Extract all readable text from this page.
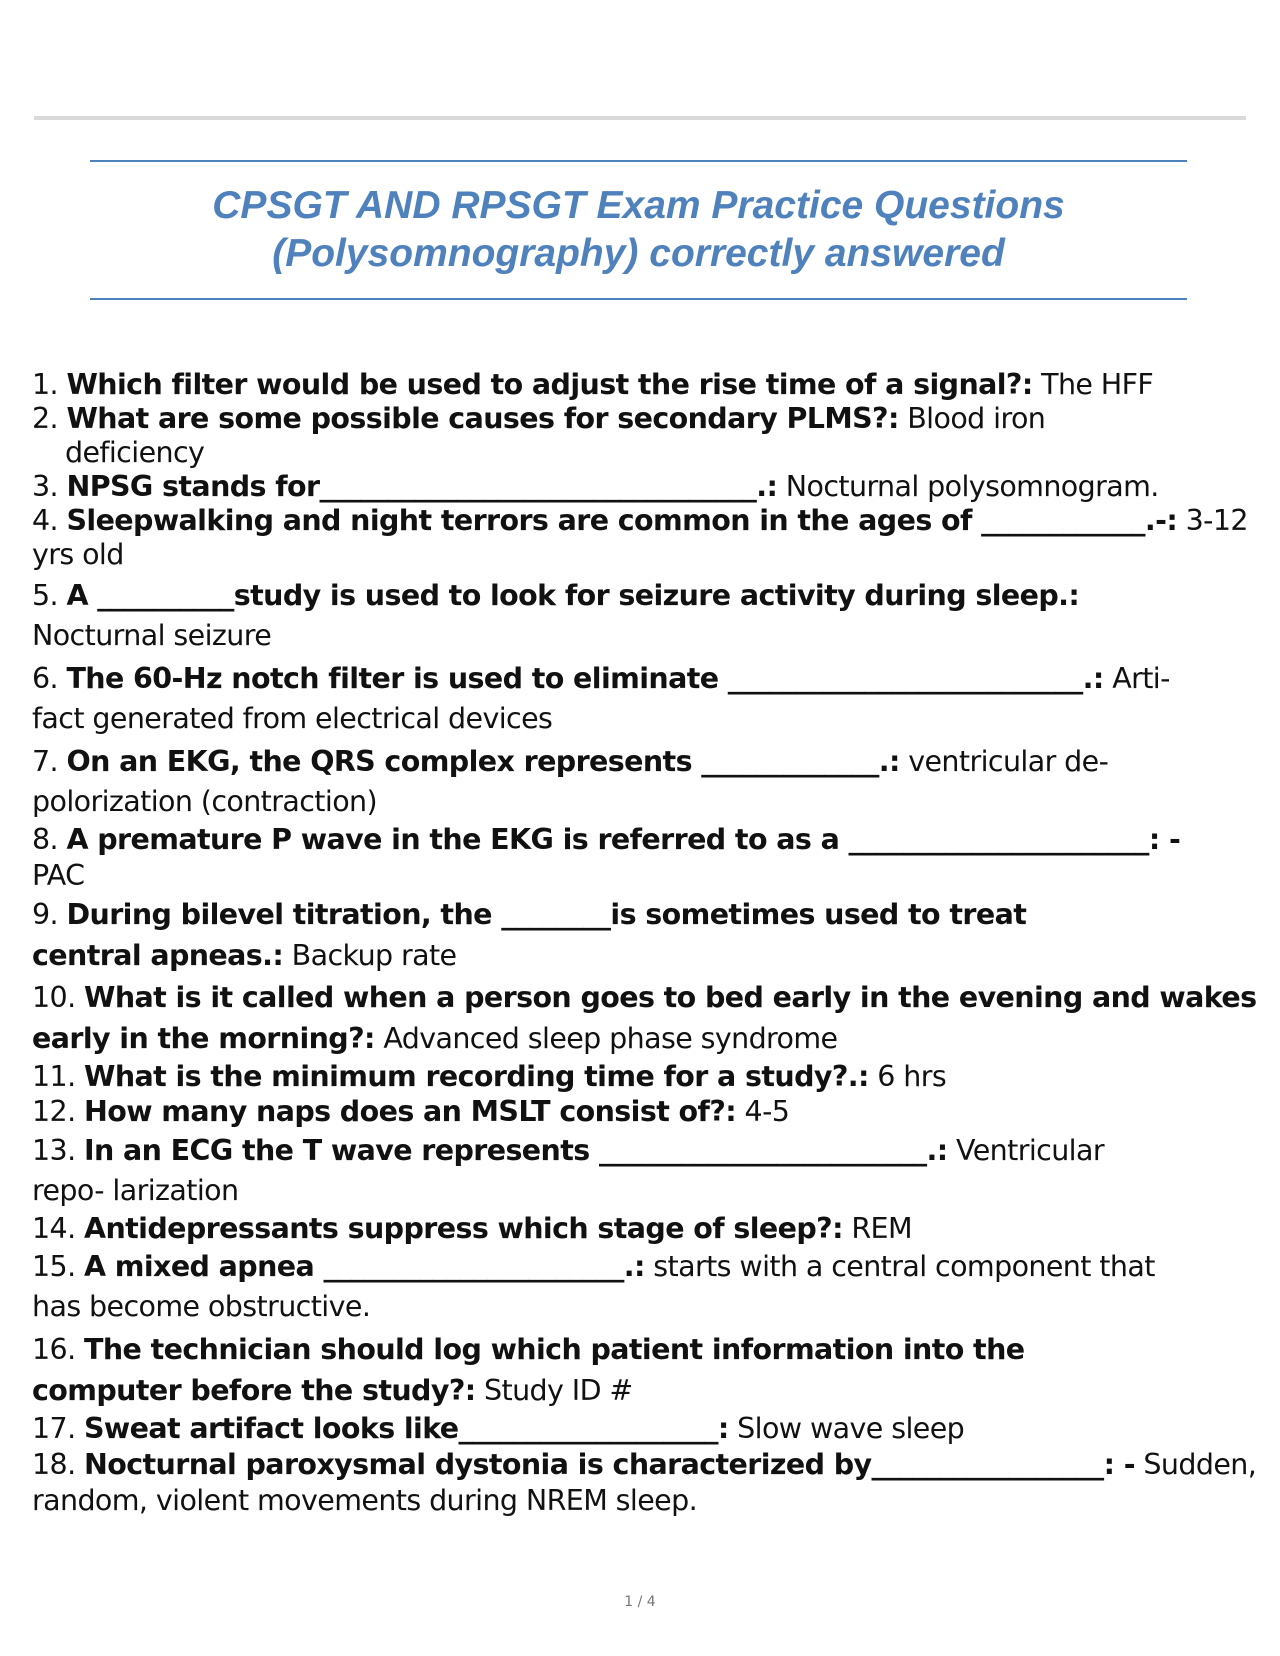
CPSGT AND RPSGT Exam Practice Questions
(Polysomnography) correctly answered
1. Which filter would be used to adjust the rise time of a signal?: The HFF
2. What are some possible causes for secondary PLMS?: Blood iron deficiency
3. NPSG stands for________________________________.: Nocturnal polysomnogram.
4. Sleepwalking and night terrors are common in the ages of ____________.-: 3-12 yrs old
5. A __________study is used to look for seizure activity during sleep.: Nocturnal seizure
6. The 60-Hz notch filter is used to eliminate __________________________.: Arti- fact generated from electrical devices
7. On an EKG, the QRS complex represents _____________.: ventricular de- polorization (contraction)
8. A premature P wave in the EKG is referred to as a ______________________: - PAC
9. During bilevel titration, the ________is sometimes used to treat central apneas.: Backup rate
10. What is it called when a person goes to bed early in the evening and wakes early in the morning?: Advanced sleep phase syndrome
11. What is the minimum recording time for a study?.: 6 hrs
12. How many naps does an MSLT consist of?: 4-5
13. In an ECG the T wave represents ________________________.: Ventricular repo- larization
14. Antidepressants suppress which stage of sleep?: REM
15. A mixed apnea ______________________.: starts with a central component that has become obstructive.
16. The technician should log which patient information into the computer before the study?: Study ID #
17. Sweat artifact looks like___________________: Slow wave sleep
18. Nocturnal paroxysmal dystonia is characterized by_________________: - Sudden, random, violent movements during NREM sleep.
1 / 4
